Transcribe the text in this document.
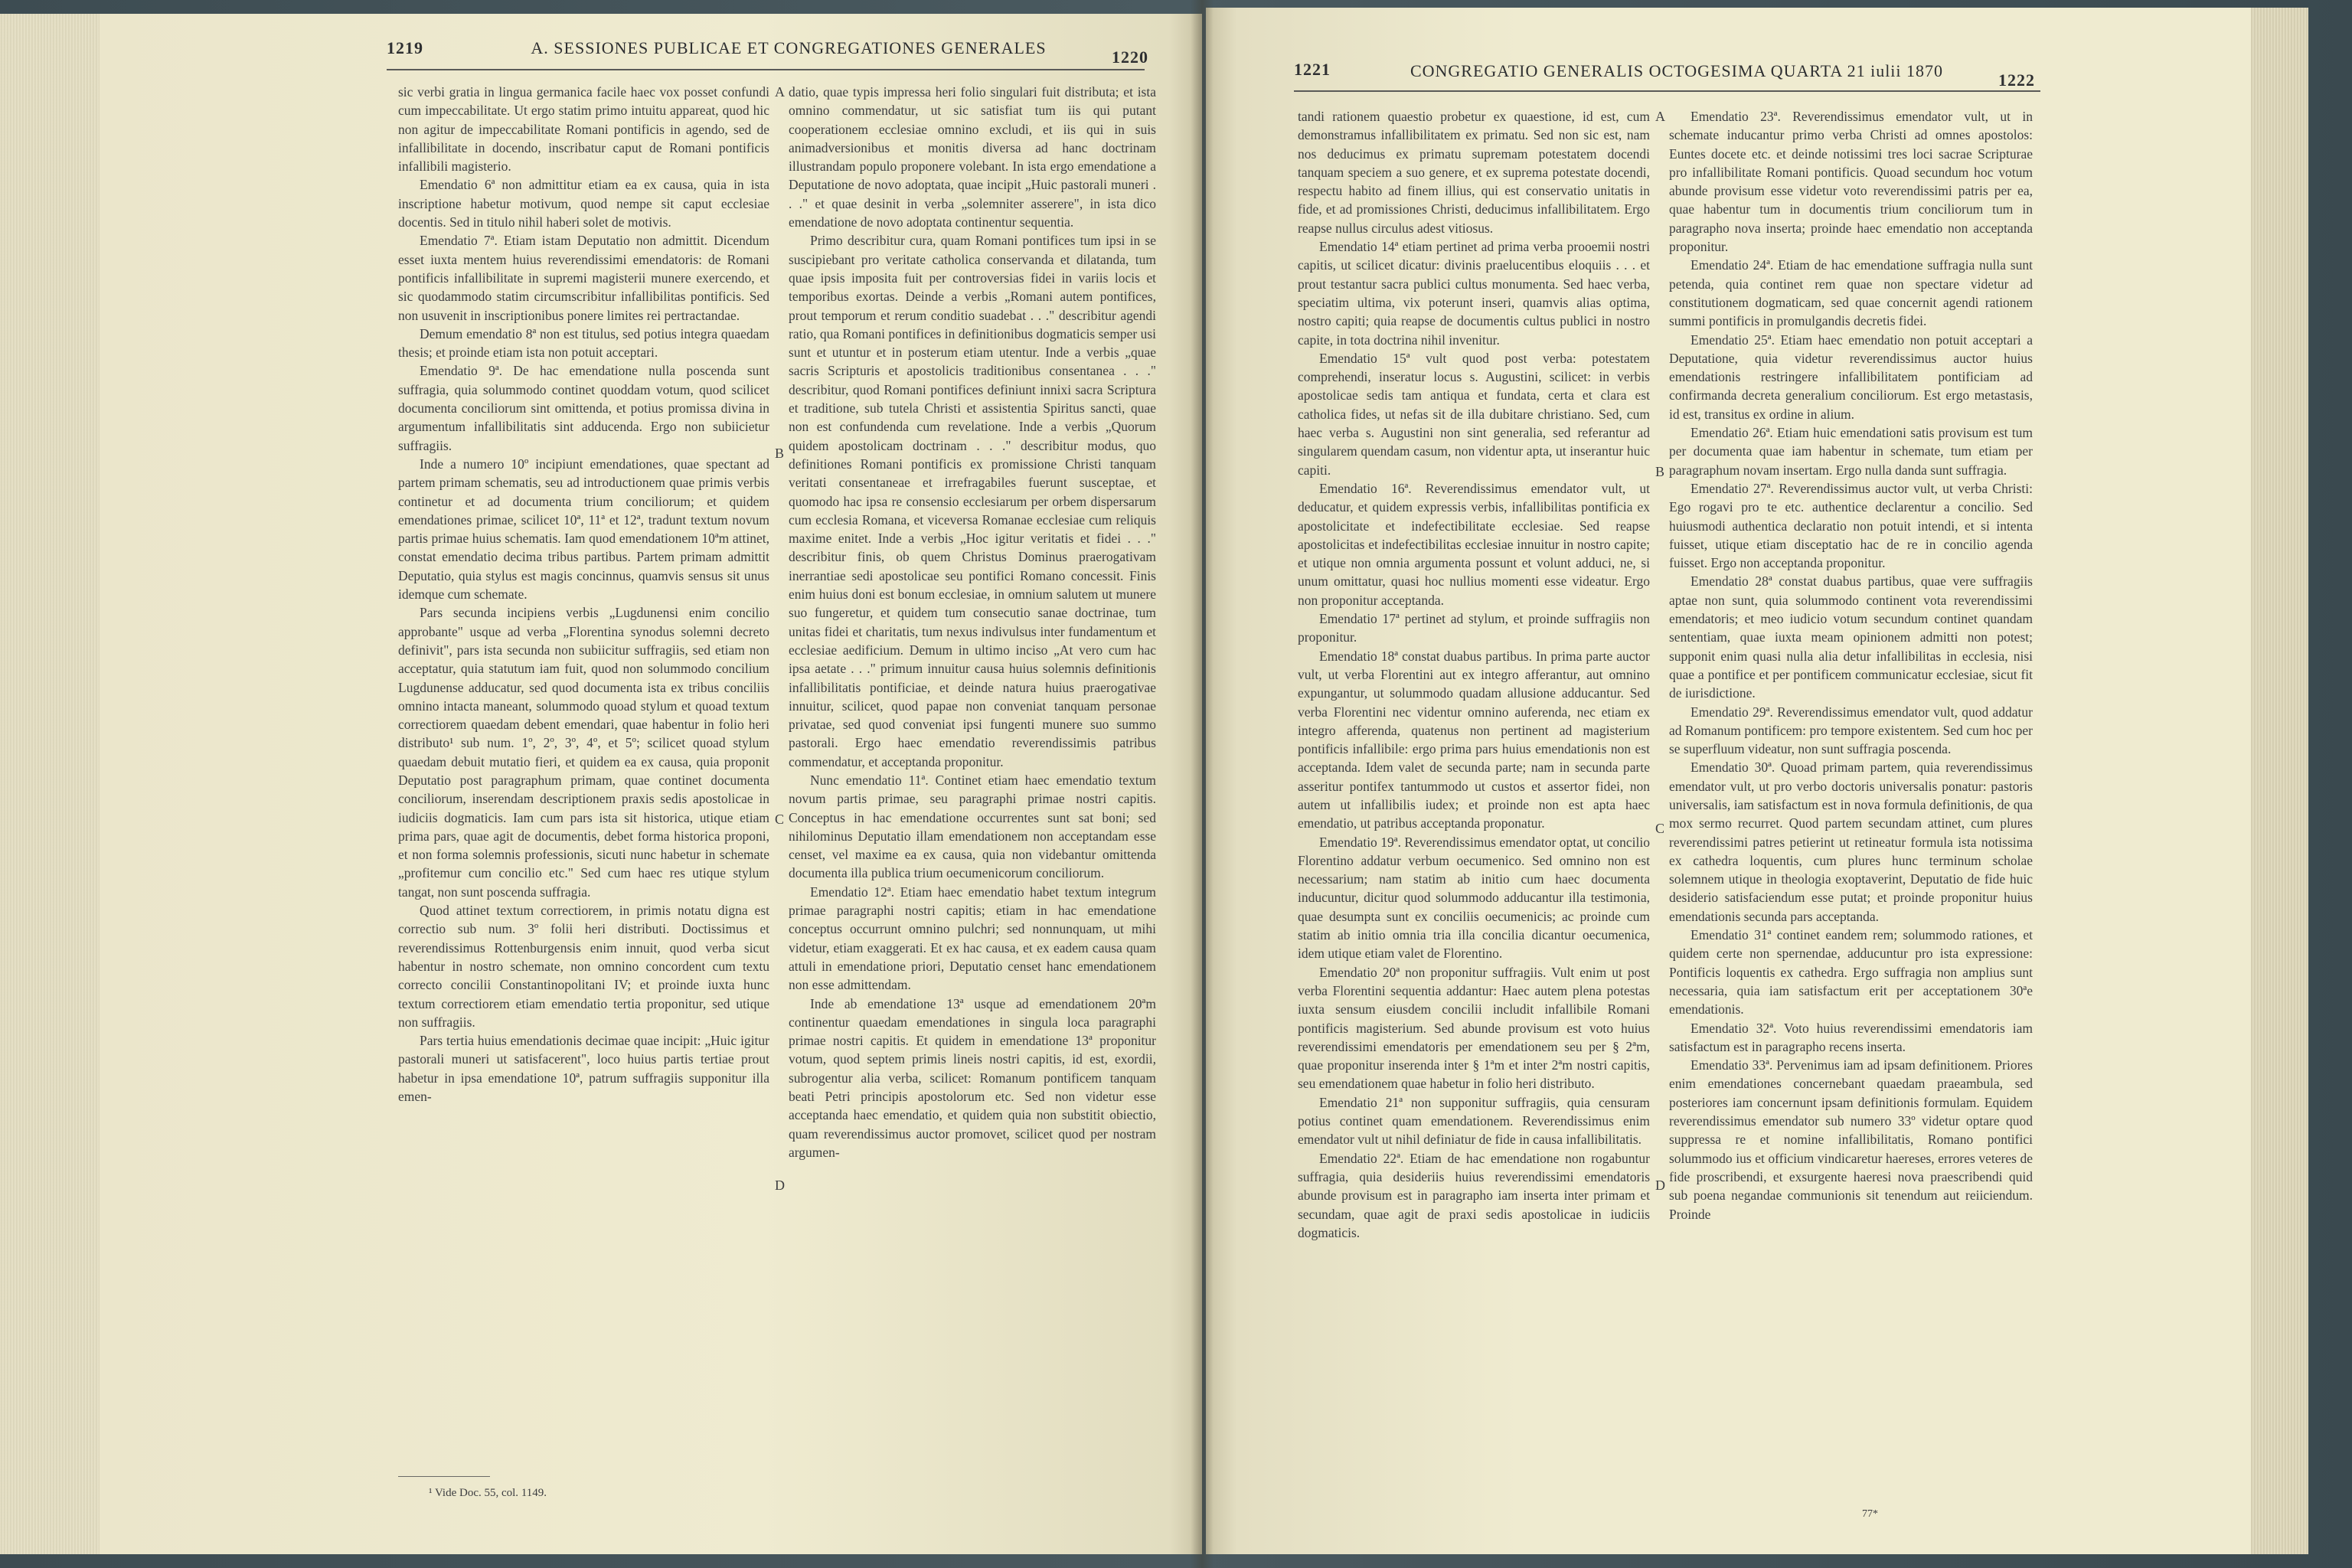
1219	A. SESSIONES PUBLICAE ET CONGREGATIONES GENERALES	1220

sic verbi gratia in lingua germanica facile haec vox posset confundi cum impeccabilitate. Ut ergo statim primo intuitu appareat, quod hic non agitur de impeccabilitate Romani pontificis in agendo, sed de infallibilitate in docendo, inscribatur caput de Romani pontificis infallibili magisterio.

Emendatio 6ª non admittitur etiam ea ex causa, quia in ista inscriptione habetur motivum, quod nempe sit caput ecclesiae docentis. Sed in titulo nihil haberi solet de motivis.

Emendatio 7ª. Etiam istam Deputatio non admittit. Dicendum esset iuxta mentem huius reverendissimi emendatoris: de Romani pontificis infallibilitate in supremi magisterii munere exercendo, et sic quodammodo statim circumscribitur infallibilitas pontificis. Sed non usuvenit in inscriptionibus ponere limites rei pertractandae.

Demum emendatio 8ª non est titulus, sed potius integra quaedam thesis; et proinde etiam ista non potuit acceptari.

Emendatio 9ª. De hac emendatione nulla poscenda sunt suffragia, quia solummodo continet quoddam votum, quod scilicet documenta conciliorum sint omittenda, et potius promissa divina in argumentum infallibilitatis sint adducenda. Ergo non subiicietur suffragiis.

Inde a numero 10º incipiunt emendationes, quae spectant ad partem primam schematis, seu ad introductionem quae primis verbis continetur et ad documenta trium conciliorum; et quidem emendationes primae, scilicet 10ª, 11ª et 12ª, tradunt textum novum partis primae huius schematis. Iam quod emendationem 10ªm attinet, constat emendatio decima tribus partibus. Partem primam admittit Deputatio, quia stylus est magis concinnus, quamvis sensus sit unus idemque cum schemate.

Pars secunda incipiens verbis „Lugdunensi enim concilio approbante" usque ad verba „Florentina synodus solemni decreto definivit", pars ista secunda non subiicitur suffragiis, sed etiam non acceptatur, quia statutum iam fuit, quod non solummodo concilium Lugdunense adducatur, sed quod documenta ista ex tribus conciliis omnino intacta maneant, solummodo quoad stylum et quoad textum correctiorem quaedam debent emendari, quae habentur in folio heri distributo¹ sub num. 1º, 2º, 3º, 4º, et 5º; scilicet quoad stylum quaedam debuit mutatio fieri, et quidem ea ex causa, quia proponit Deputatio post paragraphum primam, quae continet documenta conciliorum, inserendam descriptionem praxis sedis apostolicae in iudiciis dogmaticis. Iam cum pars ista sit historica, utique etiam prima pars, quae agit de documentis, debet forma historica proponi, et non forma solemnis professionis, sicuti nunc habetur in schemate „profitemur cum concilio etc." Sed cum haec res utique stylum tangat, non sunt poscenda suffragia.

Quod attinet textum correctiorem, in primis notatu digna est correctio sub num. 3º folii heri distributi. Doctissimus et reverendissimus Rottenburgensis enim innuit, quod verba sicut habentur in nostro schemate, non omnino concordent cum textu correcto concilii Constantinopolitani IV; et proinde iuxta hunc textum correctiorem etiam emendatio tertia proponitur, sed utique non suffragiis.

Pars tertia huius emendationis decimae quae incipit: „Huic igitur pastorali muneri ut satisfacerent", loco huius partis tertiae prout habetur in ipsa emendatione 10ª, patrum suffragiis supponitur illa emen-

datio, quae typis impressa heri folio singulari fuit distributa; et ista omnino commendatur, ut sic satisfiat tum iis qui putant cooperationem ecclesiae omnino excludi, et iis qui in suis animadversionibus et monitis diversa ad hanc doctrinam illustrandam populo proponere volebant. In ista ergo emendatione a Deputatione de novo adoptata, quae incipit „Huic pastorali muneri . . ." et quae desinit in verba „solemniter asserere", in ista dico emendatione de novo adoptata continentur sequentia.

Primo describitur cura, quam Romani pontifices tum ipsi in se suscipiebant pro veritate catholica conservanda et dilatanda, tum quae ipsis imposita fuit per controversias fidei in variis locis et temporibus exortas. Deinde a verbis „Romani autem pontifices, prout temporum et rerum conditio suadebat . . ." describitur agendi ratio, qua Romani pontifices in definitionibus dogmaticis semper usi sunt et utuntur et in posterum etiam utentur. Inde a verbis „quae sacris Scripturis et apostolicis traditionibus consentanea . . ." describitur, quod Romani pontifices definiunt innixi sacra Scriptura et traditione, sub tutela Christi et assistentia Spiritus sancti, quae non est confundenda cum revelatione. Inde a verbis „Quorum quidem apostolicam doctrinam . . ." describitur modus, quo definitiones Romani pontificis ex promissione Christi tanquam veritati consentaneae et irrefragabiles fuerunt susceptae, et quomodo hac ipsa re consensio ecclesiarum per orbem dispersarum cum ecclesia Romana, et viceversa Romanae ecclesiae cum reliquis maxime enitet. Inde a verbis „Hoc igitur veritatis et fidei . . ." describitur finis, ob quem Christus Dominus praerogativam inerrantiae sedi apostolicae seu pontifici Romano concessit. Finis enim huius doni est bonum ecclesiae, in omnium salutem ut munere suo fungeretur, et quidem tum consecutio sanae doctrinae, tum unitas fidei et charitatis, tum nexus indivulsus inter fundamentum et ecclesiae aedificium. Demum in ultimo inciso „At vero cum hac ipsa aetate . . ." primum innuitur causa huius solemnis definitionis infallibilitatis pontificiae, et deinde natura huius praerogativae innuitur, scilicet, quod papae non conveniat tanquam personae privatae, sed quod conveniat ipsi fungenti munere suo summo pastorali. Ergo haec emendatio reverendissimis patribus commendatur, et acceptanda proponitur.

Nunc emendatio 11ª. Continet etiam haec emendatio textum novum partis primae, seu paragraphi primae nostri capitis. Conceptus in hac emendatione occurrentes sunt sat boni; sed nihilominus Deputatio illam emendationem non acceptandam esse censet, vel maxime ea ex causa, quia non videbantur omittenda documenta illa publica trium oecumenicorum conciliorum.

Emendatio 12ª. Etiam haec emendatio habet textum integrum primae paragraphi nostri capitis; etiam in hac emendatione conceptus occurrunt omnino pulchri; sed nonnunquam, ut mihi videtur, etiam exaggerati. Et ex hac causa, et ex eadem causa quam attuli in emendatione priori, Deputatio censet hanc emendationem non esse admittendam.

Inde ab emendatione 13ª usque ad emendationem 20ªm continentur quaedam emendationes in singula loca paragraphi primae nostri capitis. Et quidem in emendatione 13ª proponitur votum, quod septem primis lineis nostri capitis, id est, exordii, subrogentur alia verba, scilicet: Romanum pontificem tanquam beati Petri principis apostolorum etc. Sed non videtur esse acceptanda haec emendatio, et quidem quia non substitit obiectio, quam reverendissimus auctor promovet, scilicet quod per nostram argumen-

A
B
C
D
¹ Vide Doc. 55, col. 1149.
1221	CONGREGATIO GENERALIS OCTOGESIMA QUARTA 21 iulii 1870	1222

tandi rationem quaestio probetur ex quaestione, id est, cum demonstramus infallibilitatem ex primatu. Sed non sic est, nam nos deducimus ex primatu supremam potestatem docendi tanquam speciem a suo genere, et ex suprema potestate docendi, respectu habito ad finem illius, qui est conservatio unitatis in fide, et ad promissiones Christi, deducimus infallibilitatem. Ergo reapse nullus circulus adest vitiosus.

Emendatio 14ª etiam pertinet ad prima verba prooemii nostri capitis, ut scilicet dicatur: divinis praelucentibus eloquiis . . . et prout testantur sacra publici cultus monumenta. Sed haec verba, speciatim ultima, vix poterunt inseri, quamvis alias optima, nostro capiti; quia reapse de documentis cultus publici in nostro capite, in tota doctrina nihil invenitur.

Emendatio 15ª vult quod post verba: potestatem comprehendi, inseratur locus s. Augustini, scilicet: in verbis apostolicae sedis tam antiqua et fundata, certa et clara est catholica fides, ut nefas sit de illa dubitare christiano. Sed, cum haec verba s. Augustini non sint generalia, sed referantur ad singularem quendam casum, non videntur apta, ut inserantur huic capiti.

Emendatio 16ª. Reverendissimus emendator vult, ut deducatur, et quidem expressis verbis, infallibilitas pontificia ex apostolicitate et indefectibilitate ecclesiae. Sed reapse apostolicitas et indefectibilitas ecclesiae innuitur in nostro capite; et utique non omnia argumenta possunt et volunt adduci, ne, si unum omittatur, quasi hoc nullius momenti esse videatur. Ergo non proponitur acceptanda.

Emendatio 17ª pertinet ad stylum, et proinde suffragiis non proponitur.

Emendatio 18ª constat duabus partibus. In prima parte auctor vult, ut verba Florentini aut ex integro afferantur, aut omnino expungantur, ut solummodo quadam allusione adducantur. Sed verba Florentini nec videntur omnino auferenda, nec etiam ex integro afferenda, quatenus non pertinent ad magisterium pontificis infallibile: ergo prima pars huius emendationis non est acceptanda. Idem valet de secunda parte; nam in secunda parte asseritur pontifex tantummodo ut custos et assertor fidei, non autem ut infallibilis iudex; et proinde non est apta haec emendatio, ut patribus acceptanda proponatur.

Emendatio 19ª. Reverendissimus emendator optat, ut concilio Florentino addatur verbum oecumenico. Sed omnino non est necessarium; nam statim ab initio cum haec documenta inducuntur, dicitur quod solummodo adducantur illa testimonia, quae desumpta sunt ex conciliis oecumenicis; ac proinde cum statim ab initio omnia tria illa concilia dicantur oecumenica, idem utique etiam valet de Florentino.

Emendatio 20ª non proponitur suffragiis. Vult enim ut post verba Florentini sequentia addantur: Haec autem plena potestas iuxta sensum eiusdem concilii includit infallibile Romani pontificis magisterium. Sed abunde provisum est voto huius reverendissimi emendatoris per emendationem seu per § 2ªm, quae proponitur inserenda inter § 1ªm et inter 2ªm nostri capitis, seu emendationem quae habetur in folio heri distributo.

Emendatio 21ª non supponitur suffragiis, quia censuram potius continet quam emendationem. Reverendissimus enim emendator vult ut nihil definiatur de fide in causa infallibilitatis.

Emendatio 22ª. Etiam de hac emendatione non rogabuntur suffragia, quia desideriis huius reverendissimi emendatoris abunde provisum est in paragrapho iam inserta inter primam et secundam, quae agit de praxi sedis apostolicae in iudiciis dogmaticis.

Emendatio 23ª. Reverendissimus emendator vult, ut in schemate inducantur primo verba Christi ad omnes apostolos: Euntes docete etc. et deinde notissimi tres loci sacrae Scripturae pro infallibilitate Romani pontificis. Quoad secundum hoc votum abunde provisum esse videtur voto reverendissimi patris per ea, quae habentur tum in documentis trium conciliorum tum in paragrapho nova inserta; proinde haec emendatio non acceptanda proponitur.

Emendatio 24ª. Etiam de hac emendatione suffragia nulla sunt petenda, quia continet rem quae non spectare videtur ad constitutionem dogmaticam, sed quae concernit agendi rationem summi pontificis in promulgandis decretis fidei.

Emendatio 25ª. Etiam haec emendatio non potuit acceptari a Deputatione, quia videtur reverendissimus auctor huius emendationis restringere infallibilitatem pontificiam ad confirmanda decreta generalium conciliorum. Est ergo metastasis, id est, transitus ex ordine in alium.

Emendatio 26ª. Etiam huic emendationi satis provisum est tum per documenta quae iam habentur in schemate, tum etiam per paragraphum novam insertam. Ergo nulla danda sunt suffragia.

Emendatio 27ª. Reverendissimus auctor vult, ut verba Christi: Ego rogavi pro te etc. authentice declarentur a concilio. Sed huiusmodi authentica declaratio non potuit intendi, et si intenta fuisset, utique etiam disceptatio hac de re in concilio agenda fuisset. Ergo non acceptanda proponitur.

Emendatio 28ª constat duabus partibus, quae vere suffragiis aptae non sunt, quia solummodo continent vota reverendissimi emendatoris; et meo iudicio votum secundum continet quandam sententiam, quae iuxta meam opinionem admitti non potest; supponit enim quasi nulla alia detur infallibilitas in ecclesia, nisi quae a pontifice et per pontificem communicatur ecclesiae, sicut fit de iurisdictione.

Emendatio 29ª. Reverendissimus emendator vult, quod addatur ad Romanum pontificem: pro tempore existentem. Sed cum hoc per se superfluum videatur, non sunt suffragia poscenda.

Emendatio 30ª. Quoad primam partem, quia reverendissimus emendator vult, ut pro verbo doctoris universalis ponatur: pastoris universalis, iam satisfactum est in nova formula definitionis, de qua mox sermo recurret. Quod partem secundam attinet, cum plures reverendissimi patres petierint ut retineatur formula ista notissima ex cathedra loquentis, cum plures hunc terminum scholae solemnem utique in theologia exoptaverint, Deputatio de fide huic desiderio satisfaciendum esse putat; et proinde proponitur huius emendationis secunda pars acceptanda.

Emendatio 31ª continet eandem rem; solummodo rationes, et quidem certe non spernendae, adducuntur pro ista expressione: Pontificis loquentis ex cathedra. Ergo suffragia non amplius sunt necessaria, quia iam satisfactum erit per acceptationem 30ªe emendationis.

Emendatio 32ª. Voto huius reverendissimi emendatoris iam satisfactum est in paragrapho recens inserta.

Emendatio 33ª. Pervenimus iam ad ipsam definitionem. Priores enim emendationes concernebant quaedam praeambula, sed posteriores iam concernunt ipsam definitionis formulam. Equidem reverendissimus emendator sub numero 33º videtur optare quod suppressa re et nomine infallibilitatis, Romano pontifici solummodo ius et officium vindicaretur haereses, errores veteres de fide proscribendi, et exsurgente haeresi nova praescribendi quid sub poena negandae communionis sit tenendum aut reiiciendum. Proinde

A
B
C
D
77*
